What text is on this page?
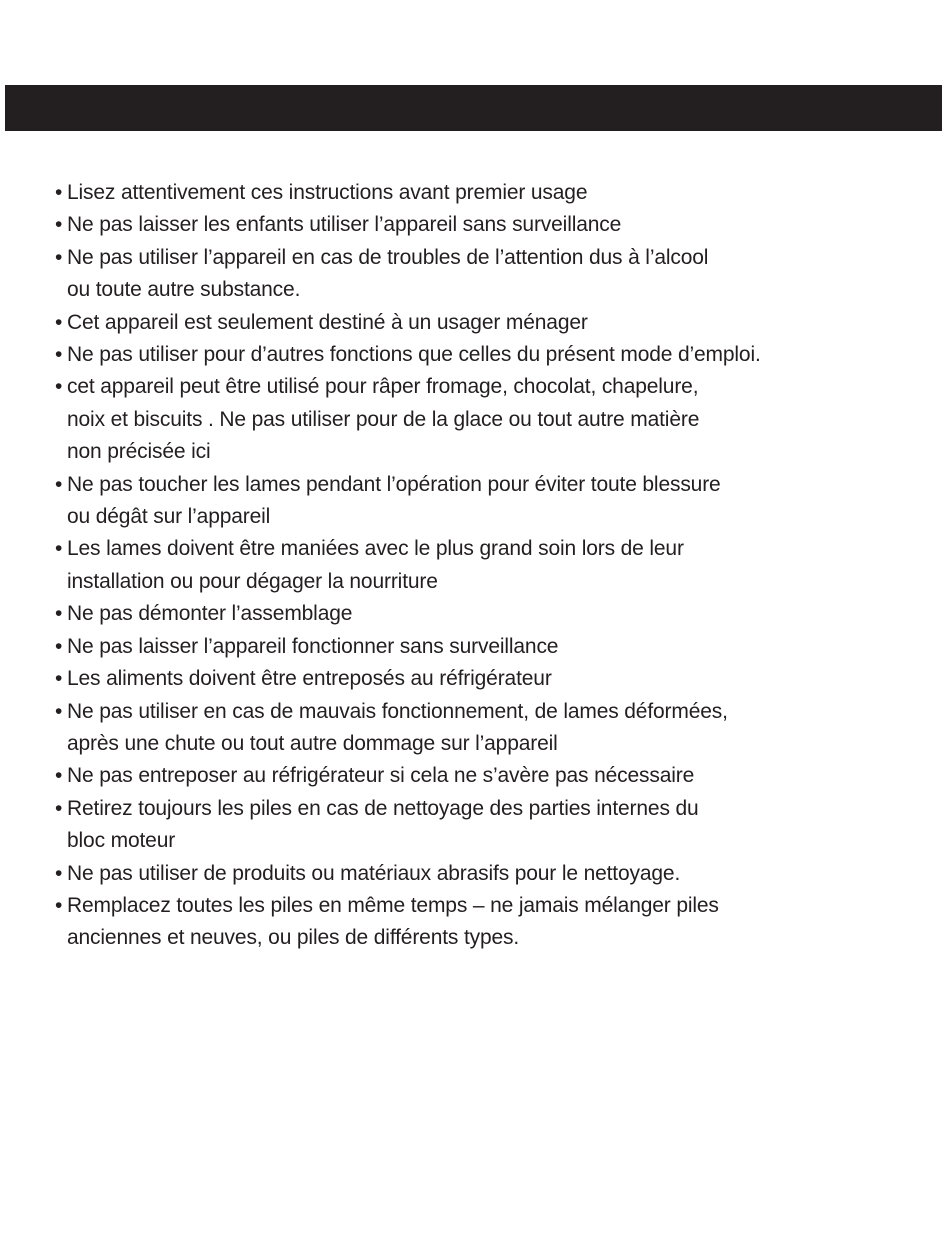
• Lisez attentivement ces instructions avant premier usage
• Ne pas laisser les enfants utiliser l’appareil sans surveillance
• Ne pas utiliser l’appareil en cas de troubles de l’attention dus à l’alcool
ou toute autre substance.
• Cet appareil est seulement destiné à un usager ménager
• Ne pas utiliser pour d’autres fonctions que celles du présent mode d’emploi.
• cet appareil peut être utilisé pour râper fromage, chocolat, chapelure,
noix et biscuits . Ne pas utiliser pour de la glace ou tout autre matière
non précisée ici
• Ne pas toucher les lames pendant l’opération pour éviter toute blessure
ou dégât sur l’appareil
• Les lames doivent être maniées avec le plus grand soin lors de leur
installation ou pour dégager la nourriture
• Ne pas démonter l’assemblage
• Ne pas laisser l’appareil fonctionner sans surveillance
• Les aliments doivent être entreposés au réfrigérateur
• Ne pas utiliser en cas de mauvais fonctionnement, de lames déformées,
après une chute ou tout autre dommage sur l’appareil
• Ne pas entreposer au réfrigérateur si cela ne s’avère pas nécessaire
• Retirez toujours les piles en cas de nettoyage des parties internes du
bloc moteur
• Ne pas utiliser de produits ou matériaux abrasifs pour le nettoyage.
• Remplacez toutes les piles en même temps – ne jamais mélanger piles
anciennes et neuves, ou piles de différents types.
